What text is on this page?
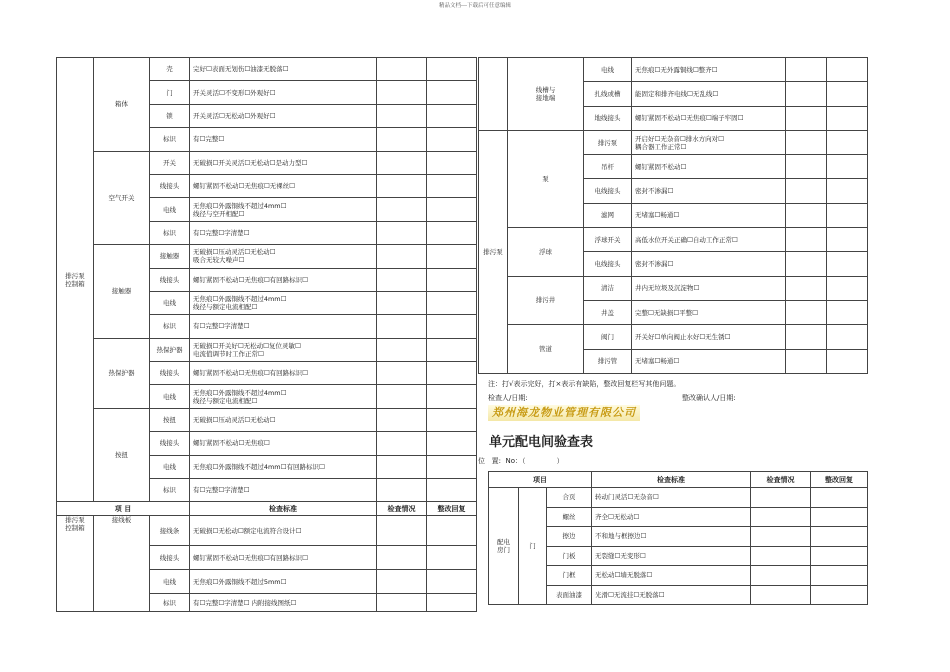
精品文档---下载后可任意编辑
排污泵
控制箱	箱体	壳	完好☐表面无划伤☐油漆无脱落☐		
		门	开关灵活☐不变形☐外观好☐		
		锁	开关灵活☐无松动☐外观好☐		
		标识	有☐完整☐		
	空气开关	开关	无破损☐开关灵活☐无松动☐是动力型☐		
		线接头	螺钉紧固不松动☐无焦痕☐无裸丝☐		
		电线	无焦痕☐外露铜线不超过4mm☐
线径与空开相配☐		
		标识	有☐完整☐字清楚☐		
	接触器	接触器	无破损☐压动灵活☐无松动☐
吸合无较大噪声☐		
		线接头	螺钉紧固不松动☐无焦痕☐有回路标识☐		
		电线	无焦痕☐外露铜线不超过4mm☐
线径与额定电流相配☐		
		标识	有☐完整☐字清楚☐		
	热保护器	热保护器	无破损☐开关好☐无松动☐复位灵敏☐
电流值调节时工作正常☐		
		线接头	螺钉紧固不松动☐无焦痕☐有回路标识☐		
		电线	无焦痕☐外露铜线不超过4mm☐
线径与额定电流相配☐		
	按扭	按扭	无破损☐压动灵活☐无松动☐		
		线接头	螺钉紧固不松动☐无焦痕☐		
		电线	无焦痕☐外露铜线不超过4mm☐有回路标识☐		
		标识	有☐完整☐字清楚☐		
项 目			检查标准	检查情况	整改回复
排污泵
控制箱	接线板	接线条	无破损☐无松动☐额定电流符合设计☐		
		线接头	螺钉紧固不松动☐无焦痕☐有回路标识☐		
		电线	无焦痕☐外露铜线不超过5mm☐		
		标识	有☐完整☐字清楚☐ 内附接线图纸☐		
	线槽与
接地端	电线	无焦痕☐无外露铜线☐整齐☐		
		扎线或槽	能固定和排齐电线☐无乱线☐		
		地线接头	螺钉紧固不松动☐无焦痕☐端子牢固☐		
排污泵	泵	排污泵	开启好☐无杂音☐排水方向对☐
耦合器工作正常☐		
		吊杆	螺钉紧固不松动☐		
		电线接头	密封不渗漏☐		
		滤网	无堵塞☐畅通☐		
	浮球	浮球开关	高低水位开关正确☐自动工作正常☐		
		电线接头	密封不渗漏☐		
	排污井	清洁	井内无垃圾及沉淀物☐		
		井盖	完整☐无缺损☐平整☐		
	管道	阀门	开关好☐单向阀止水好☐无生锈☐		
		排污管	无堵塞☐畅通☐		
注：打√表示完好，打×表示有缺陷，整改回复栏写其他问题。
检查人/日期:	整改确认人/日期:
郑州海龙物业管理有限公司
单元配电间验查表
位   置:  No：（              ）
项目			检查标准	检查情况	整改回复
配电
房门	门	合页	转动门灵活☐无杂音☐		
		螺丝	齐全☐无松动☐		
		擦边	不和地与框擦边☐		
		门板	无裂缝☐无变形☐		
		门框	无松动☐墙无脱落☐		
		表面油漆	光滑☐无流挂☐无脱落☐		
